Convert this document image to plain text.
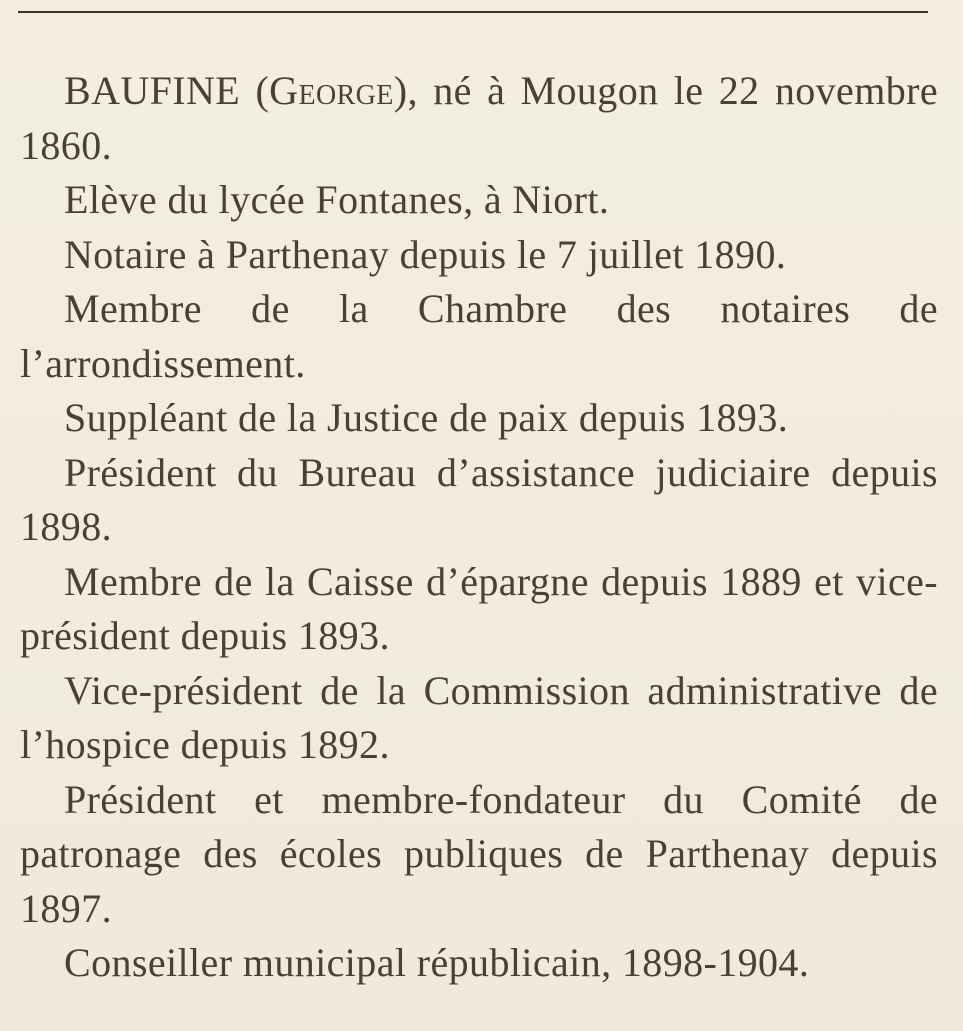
BAUFINE (George), né à Mougon le 22 novembre 1860.

Elève du lycée Fontanes, à Niort.

Notaire à Parthenay depuis le 7 juillet 1890.

Membre de la Chambre des notaires de l’arrondissement.

Suppléant de la Justice de paix depuis 1893.

Président du Bureau d’assistance judiciaire depuis 1898.

Membre de la Caisse d’épargne depuis 1889 et vice-président depuis 1893.

Vice-président de la Commission administrative de l’hospice depuis 1892.

Président et membre-fondateur du Comité de patronage des écoles publiques de Parthenay depuis 1897.

Conseiller municipal républicain, 1898-1904.
